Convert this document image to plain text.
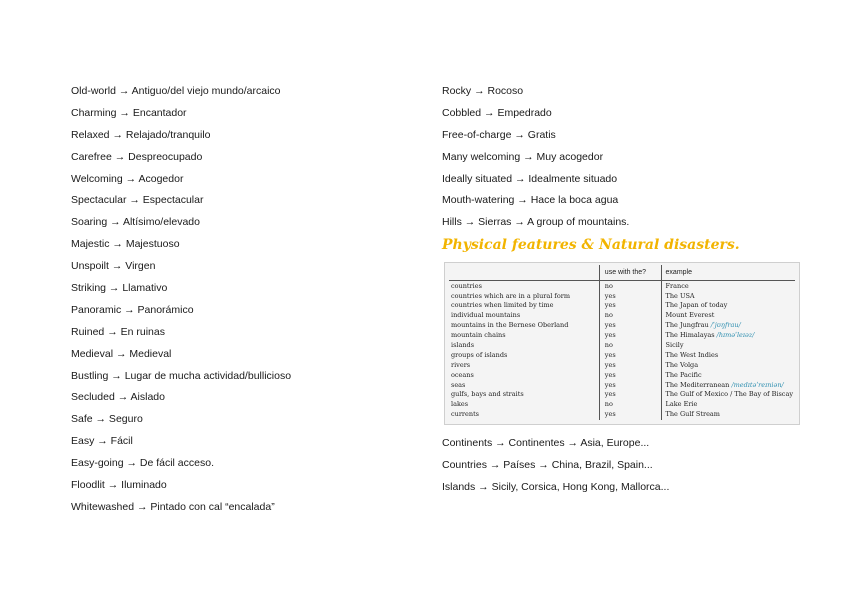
Old-world → Antiguo/del viejo mundo/arcaico
Charming → Encantador
Relaxed → Relajado/tranquilo
Carefree → Despreocupado
Welcoming → Acogedor
Spectacular → Espectacular
Soaring → Altísimo/elevado
Majestic → Majestuoso
Unspoilt → Virgen
Striking → Llamativo
Panoramic → Panorámico
Ruined → En ruinas
Medieval → Medieval
Bustling → Lugar de mucha actividad/bullicioso
Secluded → Aislado
Safe → Seguro
Easy → Fácil
Easy-going → De fácil acceso.
Floodlit → Iluminado
Whitewashed → Pintado con cal “encalada”
Rocky → Rocoso
Cobbled → Empedrado
Free-of-charge → Gratis
Many welcoming → Muy acogedor
Ideally situated → Idealmente situado
Mouth-watering → Hace la boca agua
Hills → Sierras → A group of mountains.
Physical features & Natural disasters.
	use with the?	example
countries	no	France
countries which are in a plural form	yes	The USA
countries when limited by time	yes	The Japan of today
individual mountains	no	Mount Everest
mountains in the Bernese Oberland	yes	The Jungfrau /ˈjʊŋfrau/
mountain chains	yes	The Himalayas /hɪməˈleɪəz/
islands	no	Sicily
groups of islands	yes	The West Indies
rivers	yes	The Volga
oceans	yes	The Pacific
seas	yes	The Mediterranean /medɪtəˈreɪniən/
gulfs, bays and straits	yes	The Gulf of Mexico / The Bay of Biscay
lakes	no	Lake Erie
currents	yes	The Gulf Stream
Continents → Continentes → Asia, Europe...
Countries → Países → China, Brazil, Spain...
Islands → Sicily, Corsica, Hong Kong, Mallorca...
